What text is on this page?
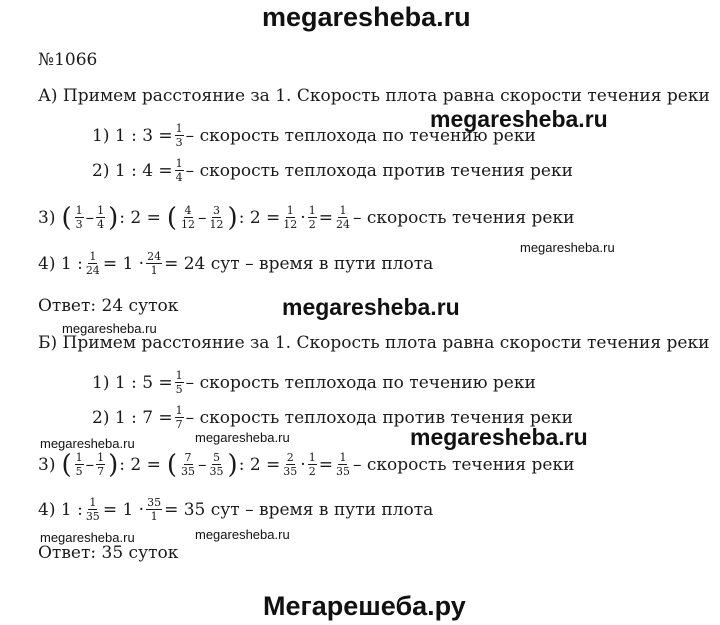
megaresheba.ru
№1066
А) Примем расстояние за 1. Скорость плота равна скорости течения реки
megaresheba.ru
1) 1 : $3 = \frac{1}{3}$ – скорость теплохода по течению реки
2) 1 : $4 = \frac{1}{4}$ – скорость теплохода против течения реки
3) ( $\frac{1}{3} - \frac{1}{4}$ ) : 2 = ( $\frac{4}{12} - \frac{3}{12}$ ) : $2 = \frac{1}{12} \cdot \frac{1}{2} = \frac{1}{24}$ – скорость течения реки
megaresheba.ru
4) 1 : $\frac{1}{24} = 1 \cdot \frac{24}{1} = 24$ сут – время в пути плота
Ответ: 24 суток	megaresheba.ru
megaresheba.ru
Б) Примем расстояние за 1. Скорость плота равна скорости течения реки
1) 1 : $5 = \frac{1}{5}$ – скорость теплохода по течению реки
2) 1 : $7 = \frac{1}{7}$ – скорость теплохода против течения реки
megaresheba.ru	megaresheba.ru	megaresheba.ru
3) ( $\frac{1}{5} - \frac{1}{7}$ ) : 2 = ( $\frac{7}{35} - \frac{5}{35}$ ) : $2 = \frac{2}{35} \cdot \frac{1}{2} = \frac{1}{35}$ – скорость течения реки
4) 1 : $\frac{1}{35} = 1 \cdot \frac{35}{1} = 35$ сут – время в пути плота
megaresheba.ru	megaresheba.ru
Ответ: 35 суток
Мегарешеба.ру
